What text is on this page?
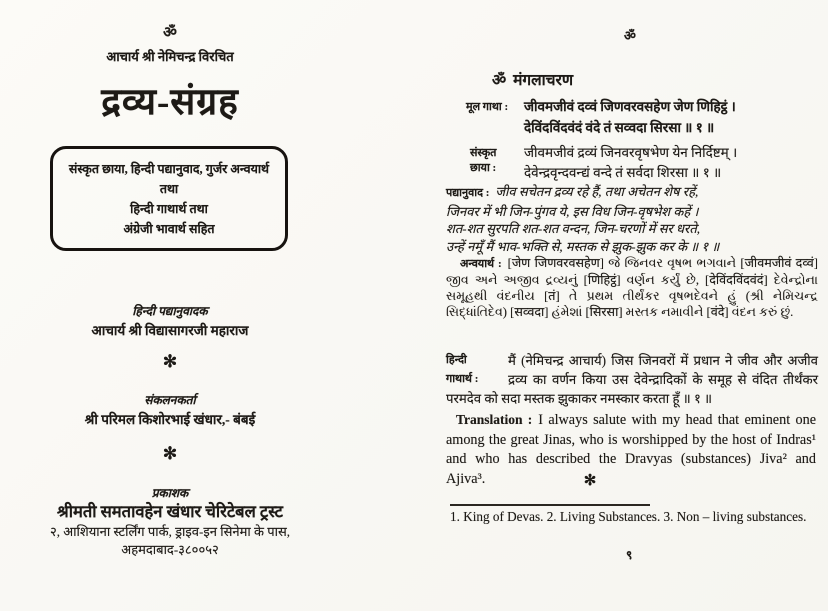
ॐ
आचार्य श्री नेमिचन्द्र विरचित
द्रव्य-संग्रह
संस्कृत छाया, हिन्दी पद्यानुवाद, गुर्जर अन्वयार्थ तथा
हिन्दी गाथार्थ तथा
अंग्रेजी भावार्थ सहित
हिन्दी पद्यानुवादक
आचार्य श्री विद्यासागरजी महाराज
✻
संकलनकर्ता
श्री परिमल किशोरभाई खंधार,- बंबई
✻
प्रकाशक
श्रीमती समतावहेन खंधार चेरिटेबल ट्रस्ट
२, आशियाना स्टर्लिंग पार्क, ड्राइव-इन सिनेमा के पास,
अहमदाबाद-३८००५२
ॐ
ॐ मंगलाचरण
मूल गाथा :	जीवमजीवं दव्वं जिणवरवसहेण जेण णिहिट्ठं ।
देविंदविंदवंदं वंदे तं सव्वदा सिरसा ॥ १ ॥
संस्कृत
छाया :
जीवमजीवं द्रव्यं जिनवरवृषभेण येन निर्दिष्टम् ।
देवेन्द्रवृन्दवन्द्यं वन्दे तं सर्वदा शिरसा ॥ १ ॥
पद्यानुवाद : जीव सचेतन द्रव्य रहे हैं, तथा अचेतन शेष रहें,
जिनवर में भी जिन-पुंगव ये, इस विध जिन-वृषभेश कहें ।
शत-शत सुरपति शत-शत वन्दन, जिन-चरणों में सर धरते,
उन्हें नमूँ मैं भाव-भक्ति से, मस्तक से झुक-झुक कर के ॥ १ ॥
अन्वयार्थ : [जेण जिणवरवसहेण] જે જિનવર વૃષભ ભગવાને [जीवमजीवं दव्वं] જીવ અને અજીવ દ્રવ્યનું [णिहिट्ठं] વર્ણન કર્યું છે, [देविंदविंदवंदं] દેવેન્દ્રોના સમૂહથી વંદનીય [तं] તે પ્રથમ તીર્થંકર વૃષભદેવને હું (શ્રી નેમિચન્દ્ર સિદ્ધાંતિદેવ) [सव्वदा] હંમેશાં [सिरसा] મસ્તક નમાવીને [वंदे] વંદન કરું છું.
हिन्दी
गाथार्थ :
मैं (नेमिचन्द्र आचार्य) जिस जिनवरों में प्रधान ने जीव और अजीव द्रव्य का वर्णन किया उस देवेन्द्रादिकों के समूह से वंदित तीर्थंकर परमदेव को सदा मस्तक झुकाकर नमस्कार करता हूँ ॥ १ ॥
Translation : I always salute with my head that eminent one among the great Jinas, who is worshipped by the host of Indras¹ and who has described the Dravyas (substances) Jiva² and Ajiva³.	✻
1. King of Devas. 2. Living Substances. 3. Non – living substances.
९
